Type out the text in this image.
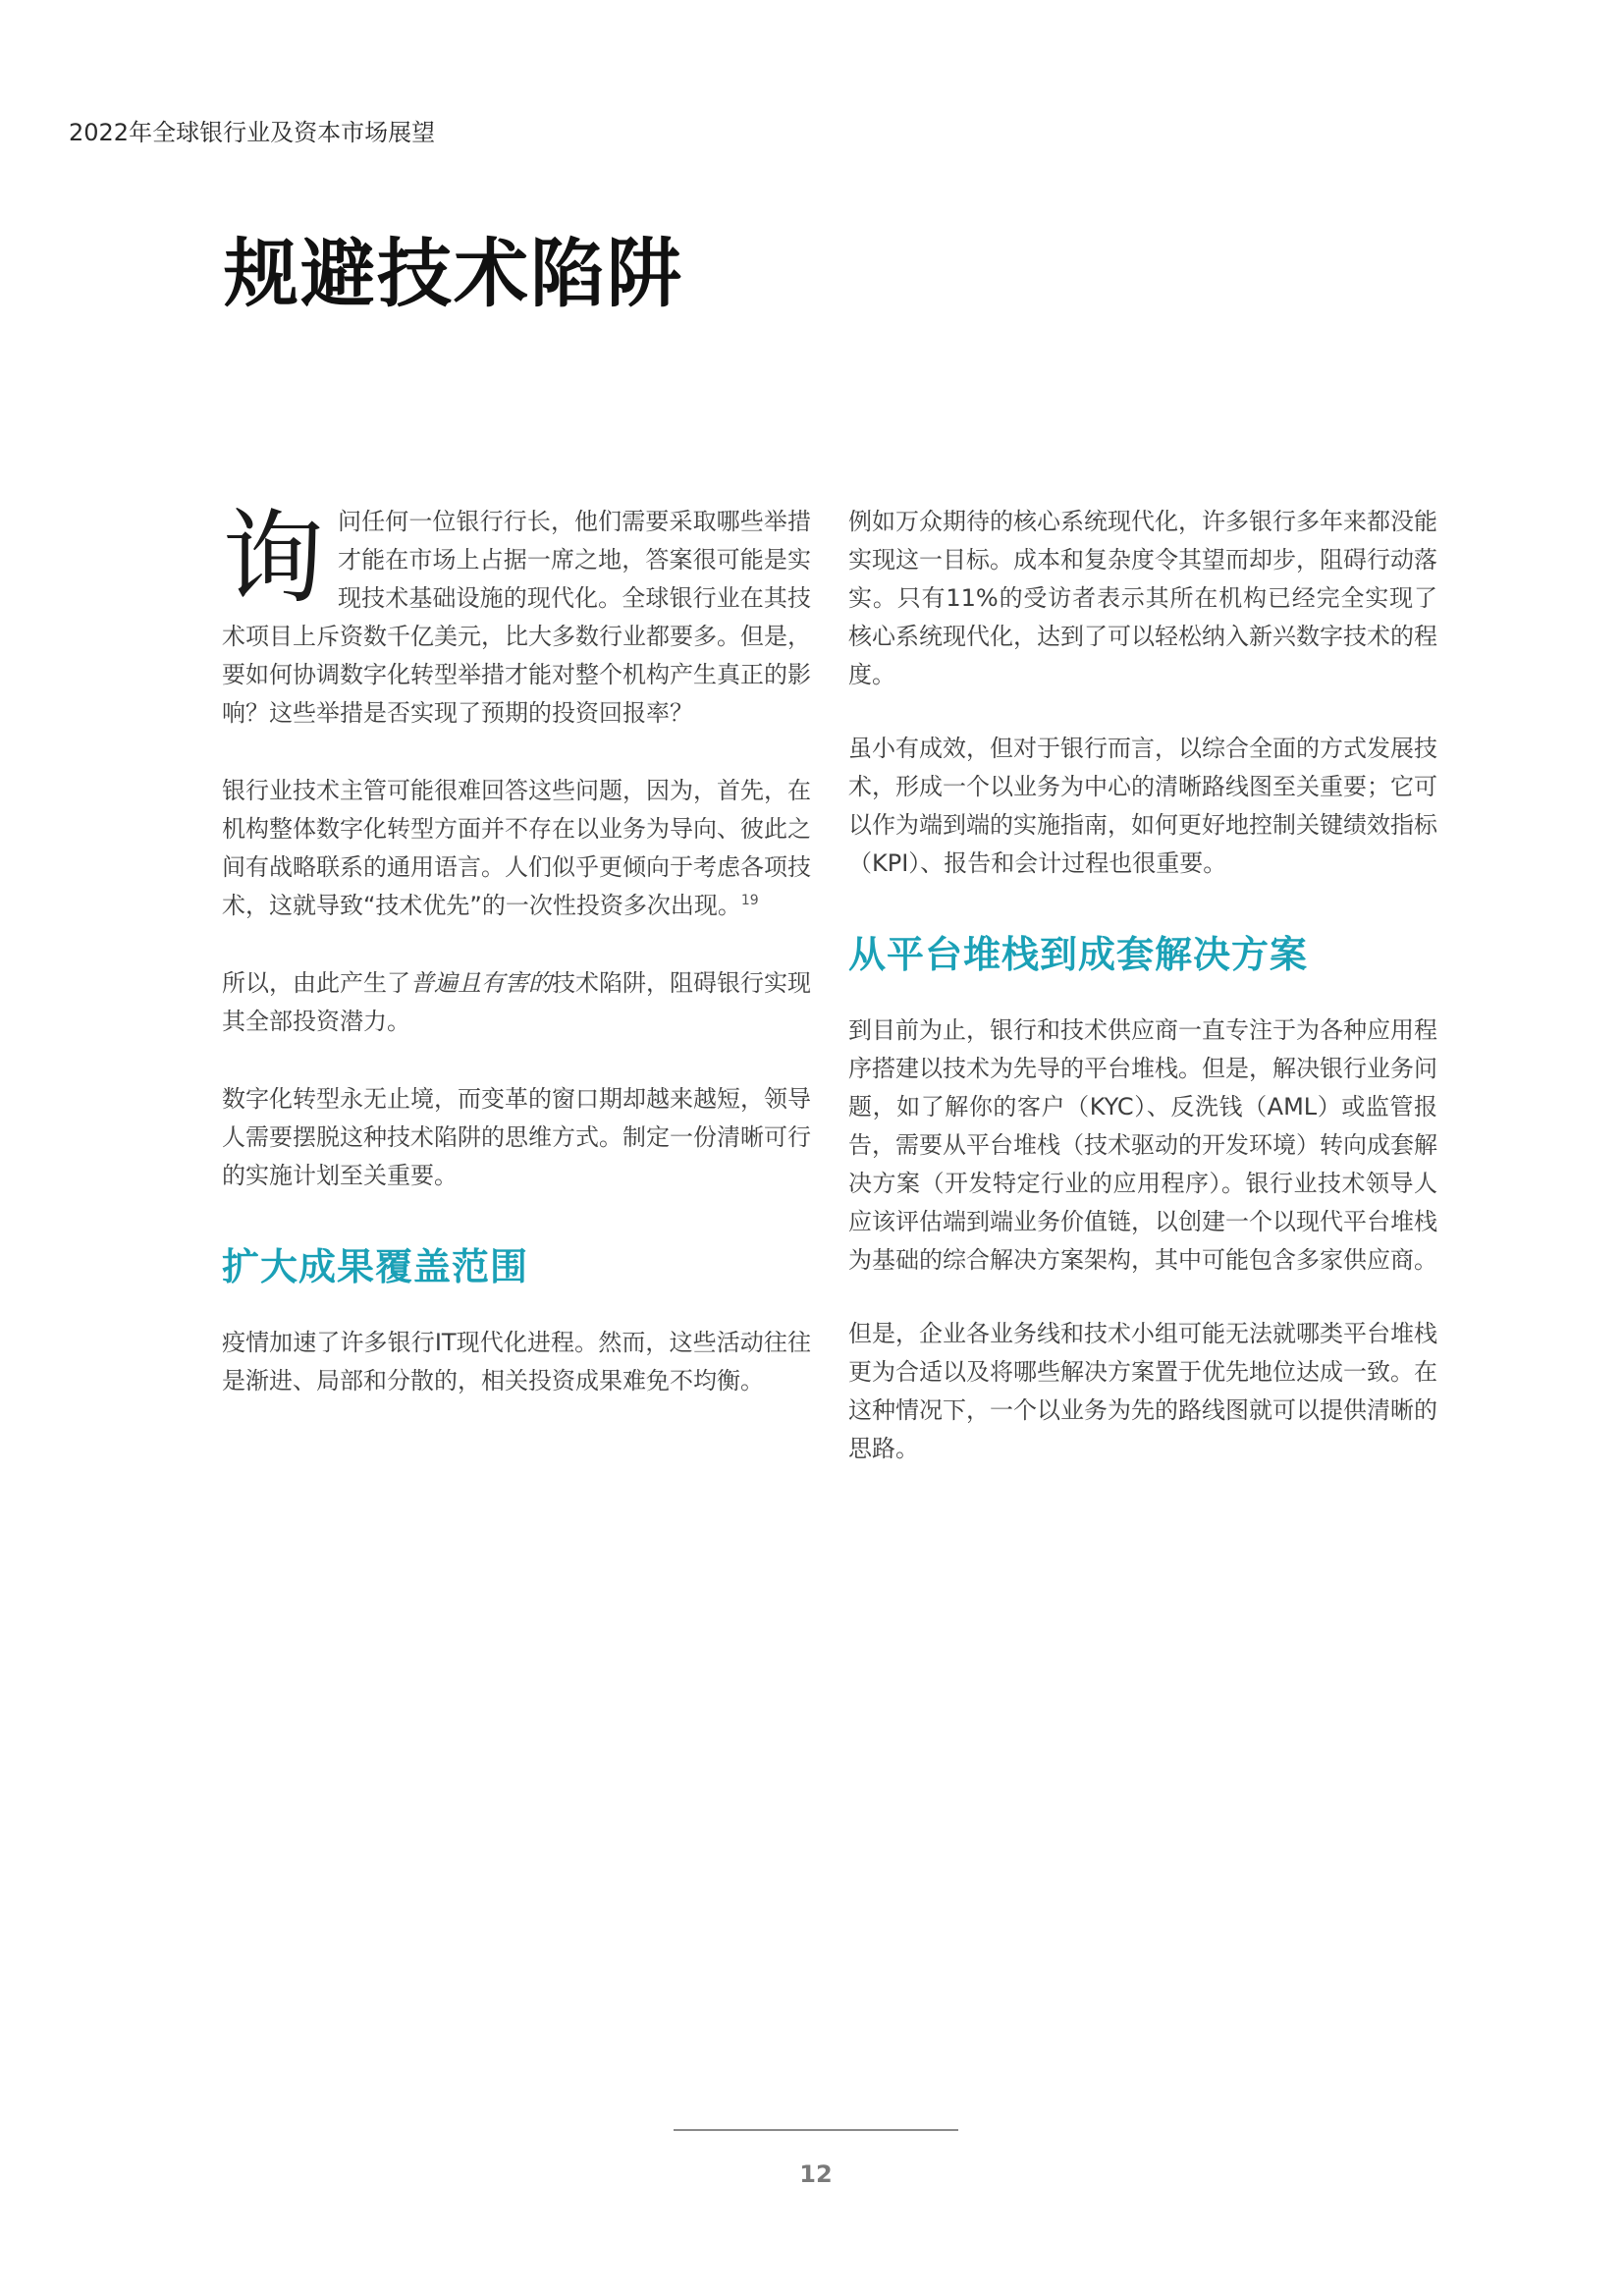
2022年全球银行业及资本市场展望
规避技术陷阱

询问任何一位银行行长，他们需要采取哪些举措才能在市场上占据一席之地，答案很可能是实现技术基础设施的现代化。全球银行业在其技术项目上斥资数千亿美元，比大多数行业都要多。但是，要如何协调数字化转型举措才能对整个机构产生真正的影响？这些举措是否实现了预期的投资回报率？

银行业技术主管可能很难回答这些问题，因为，首先，在机构整体数字化转型方面并不存在以业务为导向、彼此之间有战略联系的通用语言。人们似乎更倾向于考虑各项技术，这就导致“技术优先”的一次性投资多次出现。$^{19}$

所以，由此产生了普遍且有害的技术陷阱，阻碍银行实现其全部投资潜力。

数字化转型永无止境，而变革的窗口期却越来越短，领导人需要摆脱这种技术陷阱的思维方式。制定一份清晰可行的实施计划至关重要。

扩大成果覆盖范围

疫情加速了许多银行IT现代化进程。然而，这些活动往往是渐进、局部和分散的，相关投资成果难免不均衡。

例如万众期待的核心系统现代化，许多银行多年来都没能实现这一目标。成本和复杂度令其望而却步，阻碍行动落实。只有11%的受访者表示其所在机构已经完全实现了核心系统现代化，达到了可以轻松纳入新兴数字技术的程度。

虽小有成效，但对于银行而言，以综合全面的方式发展技术，形成一个以业务为中心的清晰路线图至关重要；它可以作为端到端的实施指南，如何更好地控制关键绩效指标（KPI）、报告和会计过程也很重要。

从平台堆栈到成套解决方案

到目前为止，银行和技术供应商一直专注于为各种应用程序搭建以技术为先导的平台堆栈。但是，解决银行业务问题，如了解你的客户（KYC）、反洗钱（AML）或监管报告，需要从平台堆栈（技术驱动的开发环境）转向成套解决方案（开发特定行业的应用程序）。银行业技术领导人应该评估端到端业务价值链，以创建一个以现代平台堆栈为基础的综合解决方案架构，其中可能包含多家供应商。

但是，企业各业务线和技术小组可能无法就哪类平台堆栈更为合适以及将哪些解决方案置于优先地位达成一致。在这种情况下，一个以业务为先的路线图就可以提供清晰的思路。

12
